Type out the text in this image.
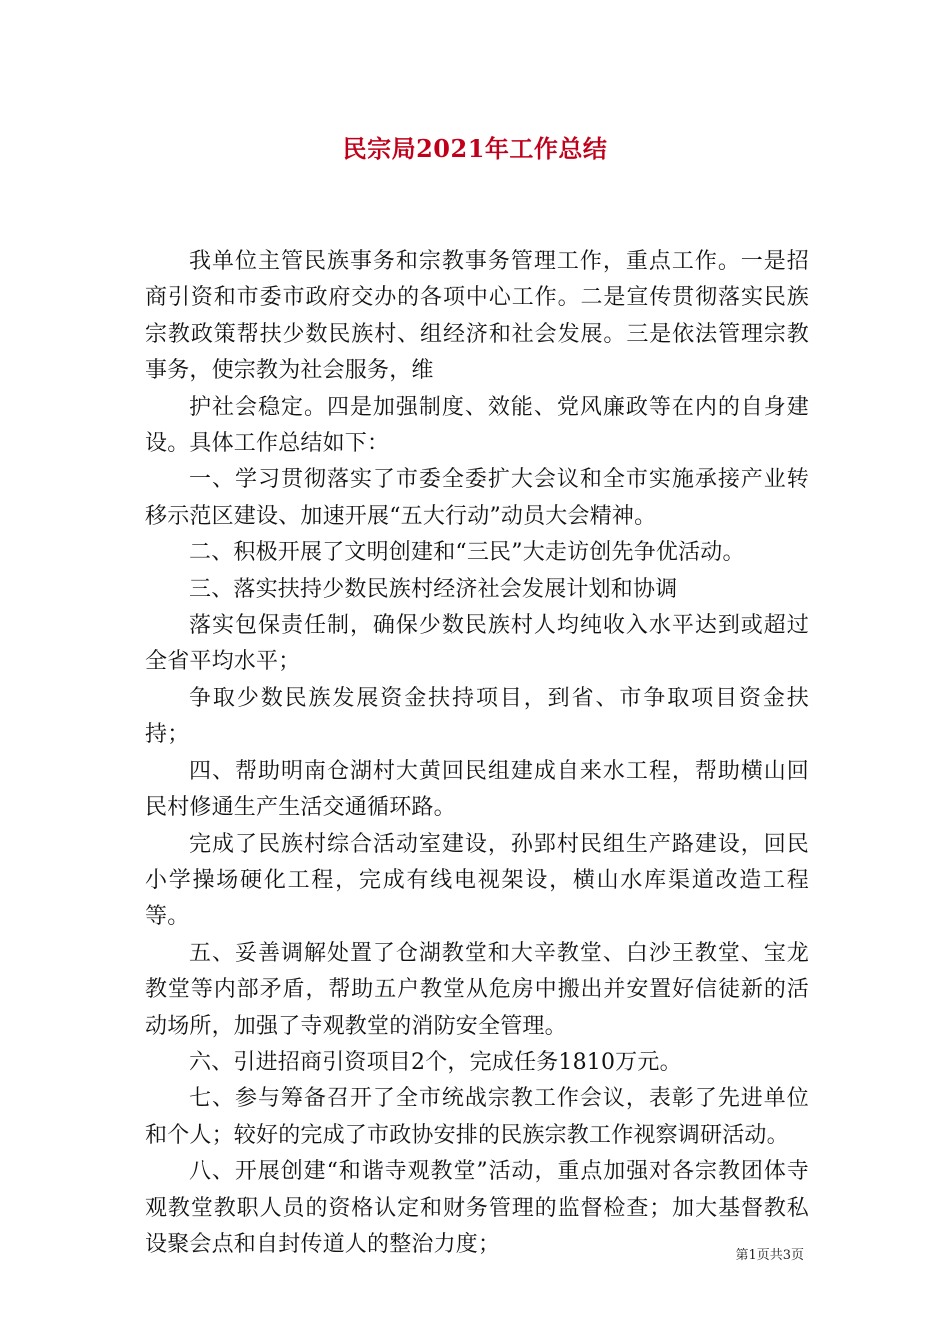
民宗局2021年工作总结

我单位主管民族事务和宗教事务管理工作，重点工作。一是招商引资和市委市政府交办的各项中心工作。二是宣传贯彻落实民族宗教政策帮扶少数民族村、组经济和社会发展。三是依法管理宗教事务，使宗教为社会服务，维

护社会稳定。四是加强制度、效能、党风廉政等在内的自身建设。具体工作总结如下：

一、学习贯彻落实了市委全委扩大会议和全市实施承接产业转移示范区建设、加速开展“五大行动”动员大会精神。

二、积极开展了文明创建和“三民”大走访创先争优活动。

三、落实扶持少数民族村经济社会发展计划和协调

落实包保责任制，确保少数民族村人均纯收入水平达到或超过全省平均水平；

争取少数民族发展资金扶持项目，到省、市争取项目资金扶持；

四、帮助明南仓湖村大黄回民组建成自来水工程，帮助横山回民村修通生产生活交通循环路。

完成了民族村综合活动室建设，孙郢村民组生产路建设，回民小学操场硬化工程，完成有线电视架设，横山水库渠道改造工程等。

五、妥善调解处置了仓湖教堂和大辛教堂、白沙王教堂、宝龙教堂等内部矛盾，帮助五户教堂从危房中搬出并安置好信徒新的活动场所，加强了寺观教堂的消防安全管理。

六、引进招商引资项目2个，完成任务1810万元。

七、参与筹备召开了全市统战宗教工作会议，表彰了先进单位和个人；较好的完成了市政协安排的民族宗教工作视察调研活动。

八、开展创建“和谐寺观教堂”活动，重点加强对各宗教团体寺观教堂教职人员的资格认定和财务管理的监督检查；加大基督教私设聚会点和自封传道人的整治力度；	第1页共3页
